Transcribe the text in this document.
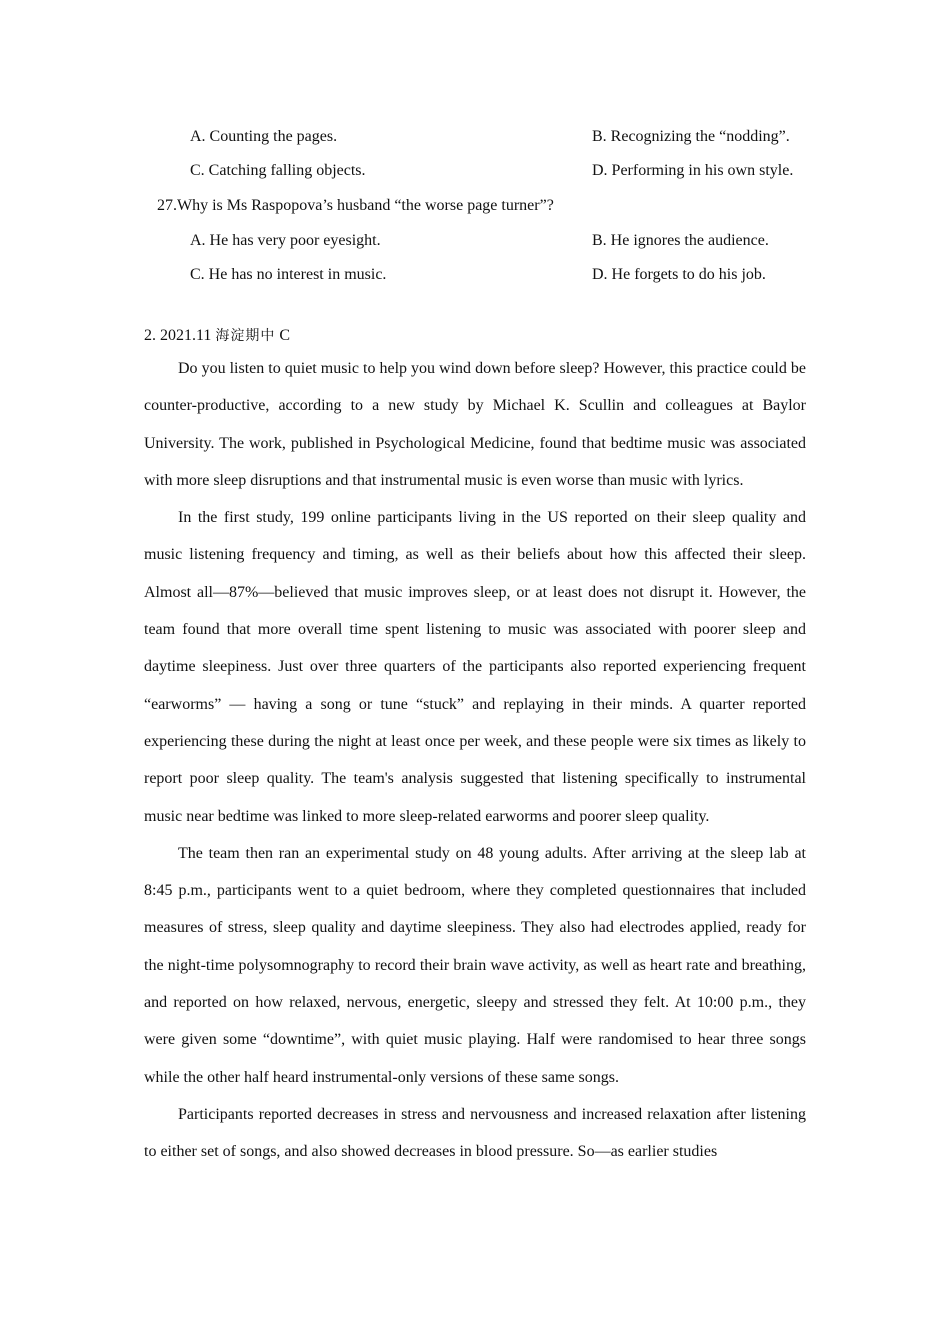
A. Counting the pages.	B. Recognizing the “nodding”.
C. Catching falling objects.	D. Performing in his own style.
27.Why is Ms Raspopova’s husband “the worse page turner”?
A. He has very poor eyesight.	B. He ignores the audience.
C. He has no interest in music.	D. He forgets to do his job.
2. 2021.11 海淀期中 C

Do you listen to quiet music to help you wind down before sleep? However, this practice could be counter-productive, according to a new study by Michael K. Scullin and colleagues at Baylor University. The work, published in Psychological Medicine, found that bedtime music was associated with more sleep disruptions and that instrumental music is even worse than music with lyrics.

In the first study, 199 online participants living in the US reported on their sleep quality and music listening frequency and timing, as well as their beliefs about how this affected their sleep. Almost all—87%—believed that music improves sleep, or at least does not disrupt it. However, the team found that more overall time spent listening to music was associated with poorer sleep and daytime sleepiness. Just over three quarters of the participants also reported experiencing frequent “earworms” — having a song or tune “stuck” and replaying in their minds. A quarter reported experiencing these during the night at least once per week, and these people were six times as likely to report poor sleep quality. The team's analysis suggested that listening specifically to instrumental music near bedtime was linked to more sleep-related earworms and poorer sleep quality.

The team then ran an experimental study on 48 young adults. After arriving at the sleep lab at 8:45 p.m., participants went to a quiet bedroom, where they completed questionnaires that included measures of stress, sleep quality and daytime sleepiness. They also had electrodes applied, ready for the night-time polysomnography to record their brain wave activity, as well as heart rate and breathing, and reported on how relaxed, nervous, energetic, sleepy and stressed they felt. At 10:00 p.m., they were given some “downtime”, with quiet music playing. Half were randomised to hear three songs while the other half heard instrumental-only versions of these same songs.

Participants reported decreases in stress and nervousness and increased relaxation after listening to either set of songs, and also showed decreases in blood pressure. So—as earlier studies
